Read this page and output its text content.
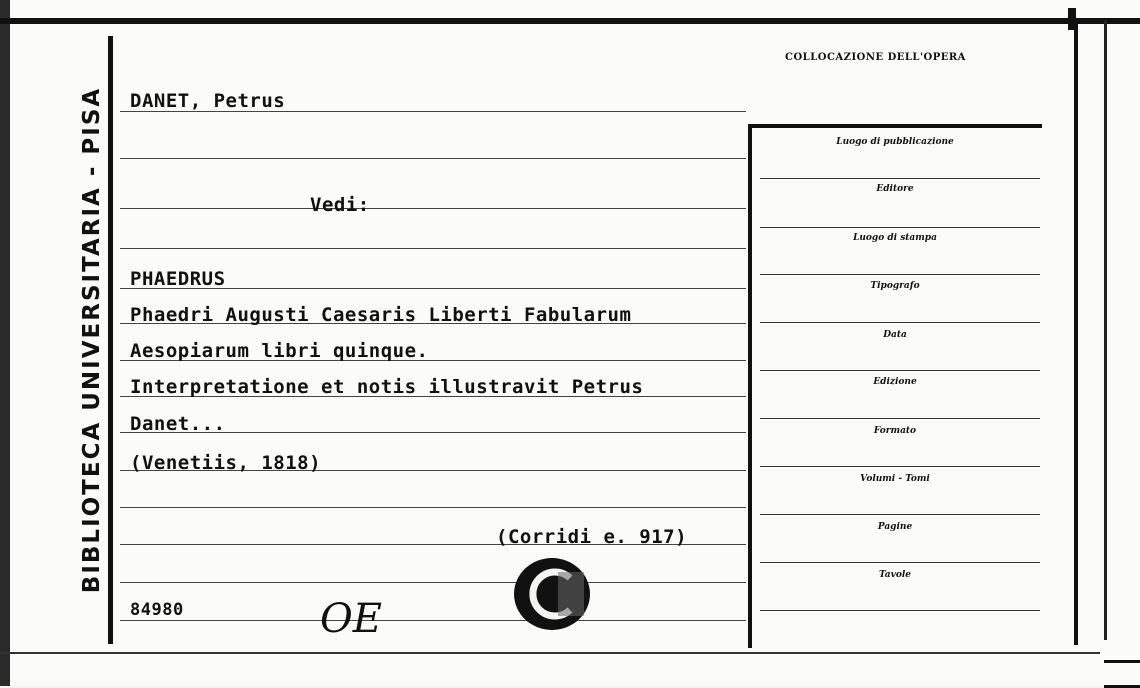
BIBLIOTECA UNIVERSITARIA - PISA DANET, Petrus
Vedi:
PHAEDRUS
Phaedri Augusti Caesaris Liberti Fabularum
Aesopiarum libri quinque.
Interpretatione et notis illustravit Petrus
Danet...
(Venetiis, 1818)
(Corridi e. 917)
84980	OE
COLLOCAZIONE DELL'OPERA
Luogo di pubblicazione
Editore
Luogo di stampa
Tipografo
Data
Edizione
Formato
Volumi - Tomi
Pagine
Tavole
